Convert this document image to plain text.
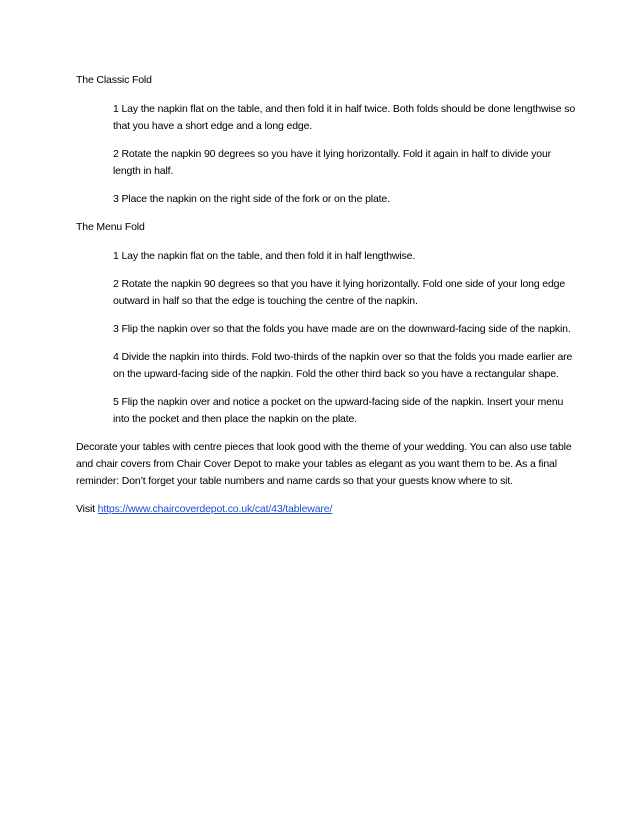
The Classic Fold
1 Lay the napkin flat on the table, and then fold it in half twice. Both folds should be done lengthwise so that you have a short edge and a long edge.
2 Rotate the napkin 90 degrees so you have it lying horizontally. Fold it again in half to divide your length in half.
3 Place the napkin on the right side of the fork or on the plate.
The Menu Fold
1 Lay the napkin flat on the table, and then fold it in half lengthwise.
2 Rotate the napkin 90 degrees so that you have it lying horizontally. Fold one side of your long edge outward in half so that the edge is touching the centre of the napkin.
3 Flip the napkin over so that the folds you have made are on the downward-facing side of the napkin.
4 Divide the napkin into thirds. Fold two-thirds of the napkin over so that the folds you made earlier are on the upward-facing side of the napkin. Fold the other third back so you have a rectangular shape.
5 Flip the napkin over and notice a pocket on the upward-facing side of the napkin. Insert your menu into the pocket and then place the napkin on the plate.
Decorate your tables with centre pieces that look good with the theme of your wedding. You can also use table and chair covers from Chair Cover Depot to make your tables as elegant as you want them to be. As a final reminder: Don’t forget your table numbers and name cards so that your guests know where to sit.
Visit https://www.chaircoverdepot.co.uk/cat/43/tableware/
